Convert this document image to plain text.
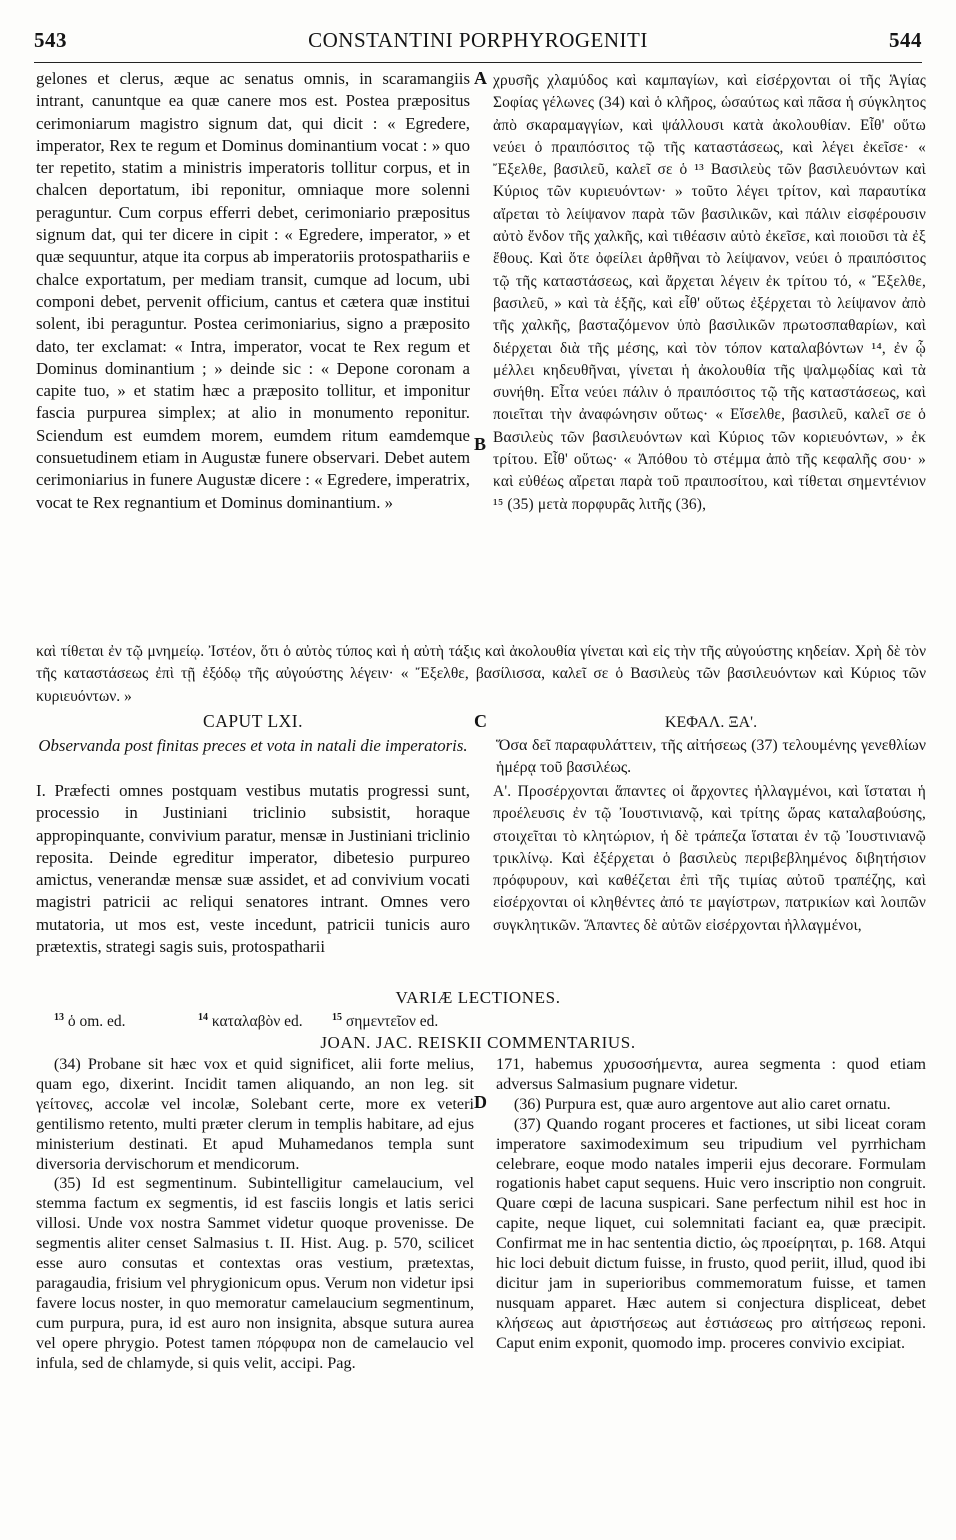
543	CONSTANTINI PORPHYROGENITI	544
A
B
C
D

gelones et clerus, æque ac senatus omnis, in scaramangiis intrant, canuntque ea quæ canere mos est. Postea præpositus cerimoniarum magistro signum dat, qui dicit : « Egredere, imperator, Rex te regum et Dominus dominantium vocat : » quo ter repetito, statim a ministris imperatoris tollitur corpus, et in chalcen deportatum, ibi reponitur, omniaque more solenni peraguntur. Cum corpus efferri debet, cerimoniario præpositus signum dat, qui ter dicere in cipit : « Egredere, imperator, » et quæ sequuntur, atque ita corpus ab imperatoriis protospathariis e chalce exportatum, per mediam transit, cumque ad locum, ubi componi debet, pervenit officium, cantus et cætera quæ institui solent, ibi peraguntur. Postea cerimoniarius, signo a præposito dato, ter exclamat: « Intra, imperator, vocat te Rex regum et Dominus dominantium ; » deinde sic : « Depone coronam a capite tuo, » et statim hæc a præposito tollitur, et imponitur fascia purpurea simplex; at alio in monumento reponitur. Sciendum est eumdem morem, eumdem ritum eamdemque consuetudinem etiam in Augustæ funere observari. Debet autem cerimoniarius in funere Augustæ dicere : « Egredere, imperatrix, vocat te Rex regnantium et Dominus dominantium. »

χρυσῆς χλαμύδος καὶ καμπαγίων, καὶ εἰσέρχονται οἱ τῆς Ἁγίας Σοφίας γέλωνες (34) καὶ ὁ κλῆρος, ὡσαύτως καὶ πᾶσα ἡ σύγκλητος ἀπὸ σκαραμαγγίων, καὶ ψάλλουσι κατὰ ἀκολουθίαν. Εἶθ' οὕτω νεύει ὁ πραιπόσιτος τῷ τῆς καταστάσεως, καὶ λέγει ἐκεῖσε· « Ἔξελθε, βασιλεῦ, καλεῖ σε ὁ ¹³ Βασιλεὺς τῶν βασιλευόντων καὶ Κύριος τῶν κυριευόντων· » τοῦτο λέγει τρίτον, καὶ παραυτίκα αἴρεται τὸ λείψανον παρὰ τῶν βασιλικῶν, καὶ πάλιν εἰσφέρουσιν αὐτὸ ἔνδον τῆς χαλκῆς, καὶ τιθέασιν αὐτὸ ἐκεῖσε, καὶ ποιοῦσι τὰ ἐξ ἔθους. Καὶ ὅτε ὀφείλει ἀρθῆναι τὸ λείψανον, νεύει ὁ πραιπόσιτος τῷ τῆς καταστάσεως, καὶ ἄρχεται λέγειν ἐκ τρίτου τό, « Ἔξελθε, βασιλεῦ, » καὶ τὰ ἑξῆς, καὶ εἶθ' οὕτως ἐξέρχεται τὸ λείψανον ἀπὸ τῆς χαλκῆς, βασταζόμενον ὑπὸ βασιλικῶν πρωτοσπαθαρίων, καὶ διέρχεται διὰ τῆς μέσης, καὶ τὸν τόπον καταλαβόντων ¹⁴, ἐν ᾧ μέλλει κηδευθῆναι, γίνεται ἡ ἀκολουθία τῆς ψαλμῳδίας καὶ τὰ συνήθη. Εἶτα νεύει πάλιν ὁ πραιπόσιτος τῷ τῆς καταστάσεως, καὶ ποιεῖται τὴν ἀναφώνησιν οὕτως· « Εἴσελθε, βασιλεῦ, καλεῖ σε ὁ Βασιλεὺς τῶν βασιλευόντων καὶ Κύριος τῶν κοριευόντων, » ἐκ τρίτου. Εἶθ' οὕτως· « Ἀπόθου τὸ στέμμα ἀπὸ τῆς κεφαλῆς σου· » καὶ εὐθέως αἴρεται παρὰ τοῦ πραιποσίτου, καὶ τίθεται σημεντένιον ¹⁵ (35) μετὰ πορφυρᾶς λιτῆς (36),

καὶ τίθεται ἐν τῷ μνημείῳ. Ἰστέον, ὅτι ὁ αὐτὸς τύπος καὶ ἡ αὐτὴ τάξις καὶ ἀκολουθία γίνεται καὶ εἰς τὴν τῆς αὐγούστης κηδείαν. Χρὴ δὲ τὸν τῆς καταστάσεως ἐπὶ τῇ ἐξόδῳ τῆς αὐγούστης λέγειν· « Ἔξελθε, βασίλισσα, καλεῖ σε ὁ Βασιλεὺς τῶν βασιλευόντων καὶ Κύριος τῶν κυριευόντων. »
CAPUT LXI.
Observanda post finitas preces et vota in natali die imperatoris.
ΚΕΦΑΛ. ΞΑ'.
Ὅσα δεῖ παραφυλάττειν, τῆς αἰτήσεως (37) τελουμένης γενεθλίων ἡμέρᾳ τοῦ βασιλέως.

I. Præfecti omnes postquam vestibus mutatis progressi sunt, processio in Justiniani triclinio subsistit, horaque appropinquante, convivium paratur, mensæ in Justiniani triclinio reposita. Deinde egreditur imperator, dibetesio purpureo amictus, venerandæ mensæ suæ assidet, et ad convivium vocati magistri patricii ac reliqui senatores intrant. Omnes vero mutatoria, ut mos est, veste incedunt, patricii tunicis auro prætextis, strategi sagis suis, protospatharii

Α'. Προσέρχονται ἅπαντες οἱ ἄρχοντες ἠλλαγμένοι, καὶ ἵσταται ἡ προέλευσις ἐν τῷ Ἰουστινιανῷ, καὶ τρίτης ὥρας καταλαβούσης, στοιχεῖται τὸ κλητώριον, ἡ δὲ τράπεζα ἵσταται ἐν τῷ Ἰουστινιανῷ τρικλίνῳ. Καὶ ἐξέρχεται ὁ βασιλεὺς περιβεβλημένος διβητήσιον πρόφυρουν, καὶ καθέζεται ἐπὶ τῆς τιμίας αὐτοῦ τραπέζης, καὶ εἰσέρχονται οἱ κληθέντες ἀπό τε μαγίστρων, πατρικίων καὶ λοιπῶν συγκλητικῶν. Ἅπαντες δὲ αὐτῶν εἰσέρχονται ἠλλαγμένοι,

VARIÆ LECTIONES.
$^{13}$ ὁ om. ed.	$^{14}$ καταλαβὸν ed.	$^{15}$ σημεντεῖον ed.
JOAN. JAC. REISKII COMMENTARIUS.

(34) Probane sit hæc vox et quid significet, alii forte melius, quam ego, dixerint. Incidit tamen aliquando, an non leg. sit γείτονες, accolæ vel incolæ, Solebant certe, more ex veteri gentilismo retento, multi præter clerum in templis habitare, ad ejus ministerium destinati. Et apud Muhamedanos templa sunt diversoria dervischorum et mendicorum.

(35) Id est segmentinum. Subintelligitur camelaucium, vel stemma factum ex segmentis, id est fasciis longis et latis serici villosi. Unde vox nostra Sammet videtur quoque provenisse. De segmentis aliter censet Salmasius t. II. Hist. Aug. p. 570, scilicet esse auro consutas et contextas oras vestium, prætextas, paragaudia, frisium vel phrygionicum opus. Verum non videtur ipsi favere locus noster, in quo memoratur camelaucium segmentinum, cum purpura, pura, id est auro non insignita, absque sutura aurea vel opere phrygio. Potest tamen πόρφυρα non de camelaucio vel infula, sed de chlamyde, si quis velit, accipi. Pag.

171, habemus χρυσοσήμεντα, aurea segmenta : quod etiam adversus Salmasium pugnare videtur.

(36) Purpura est, quæ auro argentove aut alio caret ornatu.

(37) Quando rogant proceres et factiones, ut sibi liceat coram imperatore saximodeximum seu tripudium vel pyrrhicham celebrare, eoque modo natales imperii ejus decorare. Formulam rogationis habet caput sequens. Huic vero inscriptio non congruit. Quare cœpi de lacuna suspicari. Sane perfectum nihil est hoc in capite, neque liquet, cui solemnitati faciant ea, quæ præcipit. Confirmat me in hac sententia dictio, ὡς προείρηται, p. 168. Atqui hic loci debuit dictum fuisse, in frusto, quod periit, illud, quod ibi dicitur jam in superioribus commemoratum fuisse, et tamen nusquam apparet. Hæc autem si conjectura displiceat, debet κλήσεως aut ἀριστήσεως aut ἑστιάσεως pro αἰτήσεως reponi. Caput enim exponit, quomodo imp. proceres convivio excipiat.
